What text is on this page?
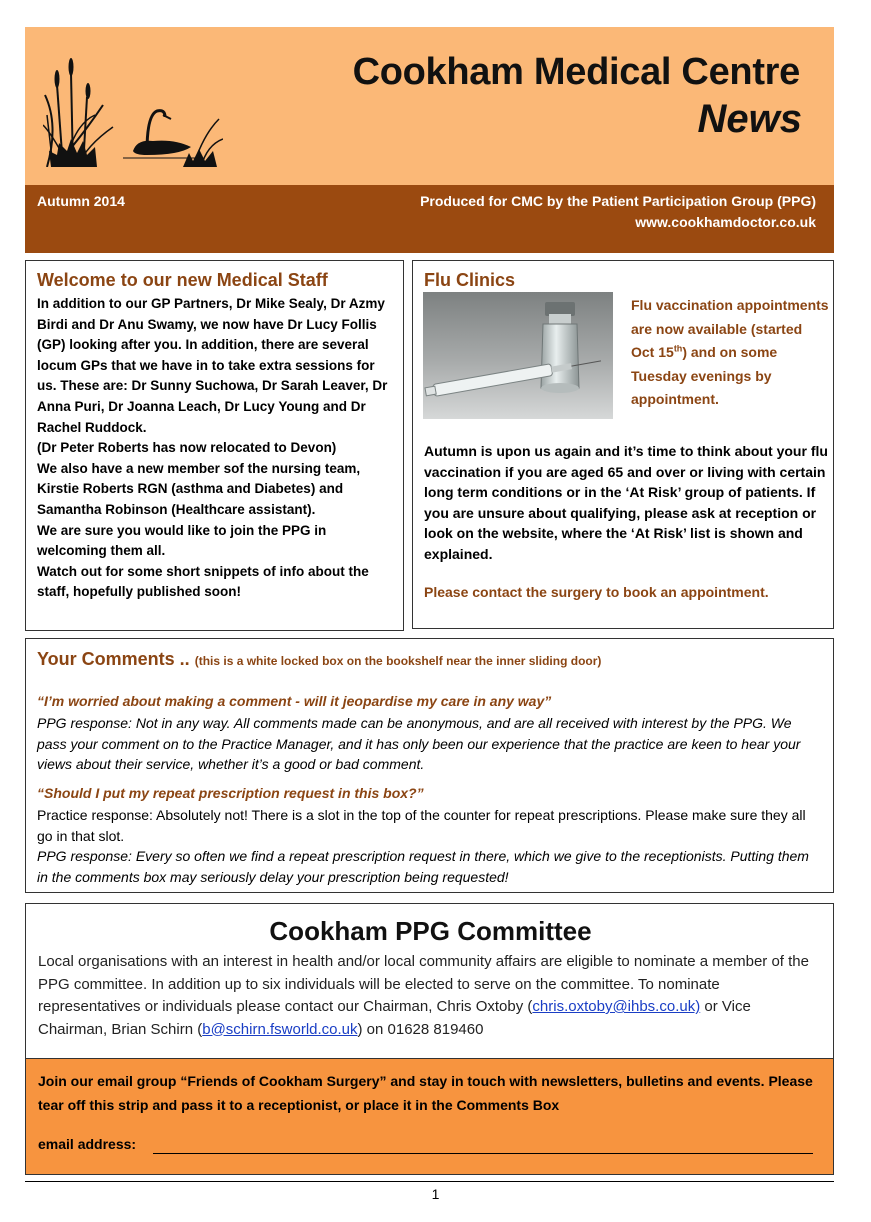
Cookham Medical Centre
News
Autumn 2014	Produced for CMC by the Patient Participation Group (PPG)
www.cookhamdoctor.co.uk
Welcome to our new Medical Staff

In addition to our GP Partners, Dr Mike Sealy, Dr Azmy Birdi and Dr Anu Swamy, we now have Dr Lucy Follis (GP) looking after you. In addition, there are several locum GPs that we have in to take extra sessions for us. These are: Dr Sunny Suchowa, Dr Sarah Leaver, Dr Anna Puri, Dr Joanna Leach, Dr Lucy Young and Dr Rachel Ruddock.

(Dr Peter Roberts has now relocated to Devon)

We also have a new member sof the nursing team, Kirstie Roberts RGN (asthma and Diabetes) and Samantha Robinson (Healthcare assistant).

We are sure you would like to join the PPG in welcoming them all.

Watch out for some short snippets of info about the staff, hopefully published soon!

Flu Clinics
Flu vaccination appointments are now available (started Oct 15th) and on some Tuesday evenings by appointment.
Autumn is upon us again and it’s time to think about your flu vaccination if you are aged 65 and over or living with certain long term conditions or in the ‘At Risk’ group of patients. If you are unsure about qualifying, please ask at reception or look on the website, where the ‘At Risk’ list is shown and explained.
Please contact the surgery to book an appointment.
Your Comments .. (this is a white locked box on the bookshelf near the inner sliding door)
“I’m worried about making a comment - will it jeopardise my care in any way”
PPG response: Not in any way. All comments made can be anonymous, and are all received with interest by the PPG. We pass your comment on to the Practice Manager, and it has only been our experience that the practice are keen to hear your views about their service, whether it’s a good or bad comment.
“Should I put my repeat prescription request in this box?”
Practice response: Absolutely not! There is a slot in the top of the counter for repeat prescriptions. Please make sure they all go in that slot.
PPG response: Every so often we find a repeat prescription request in there, which we give to the receptionists. Putting them in the comments box may seriously delay your prescription being requested!
Cookham PPG Committee
Local organisations with an interest in health and/or local community affairs are eligible to nominate a member of the PPG committee. In addition up to six individuals will be elected to serve on the committee. To nominate representatives or individuals please contact our Chairman, Chris Oxtoby (chris.oxtoby@ihbs.co.uk) or Vice Chairman, Brian Schirn (b@schirn.fsworld.co.uk) on 01628 819460
Join our email group “Friends of Cookham Surgery” and stay in touch with newsletters, bulletins and events. Please tear off this strip and pass it to a receptionist, or place it in the Comments Box
email address:
1
